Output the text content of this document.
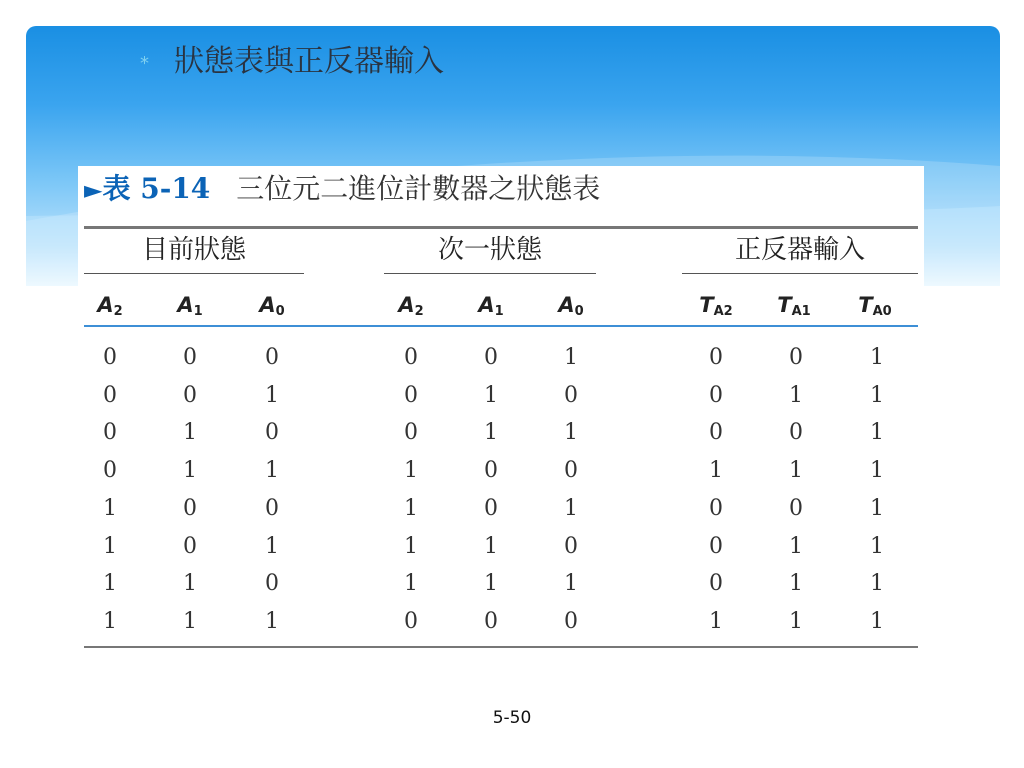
* 狀態表與正反器輸入
►表 5-14 三位元二進位計數器之狀態表
目前狀態	次一狀態	正反器輸入
$A_2$	$A_1$	$A_0$	$A_2$	$A_1$	$A_0$	$T_{A2}$	$T_{A1}$	$T_{A0}$
0	0	0	0	0	1	0	0	1
0	0	1	0	1	0	0	1	1
0	1	0	0	1	1	0	0	1
0	1	1	1	0	0	1	1	1
1	0	0	1	0	1	0	0	1
1	0	1	1	1	0	0	1	1
1	1	0	1	1	1	0	1	1
1	1	1	0	0	0	1	1	1
5-50
